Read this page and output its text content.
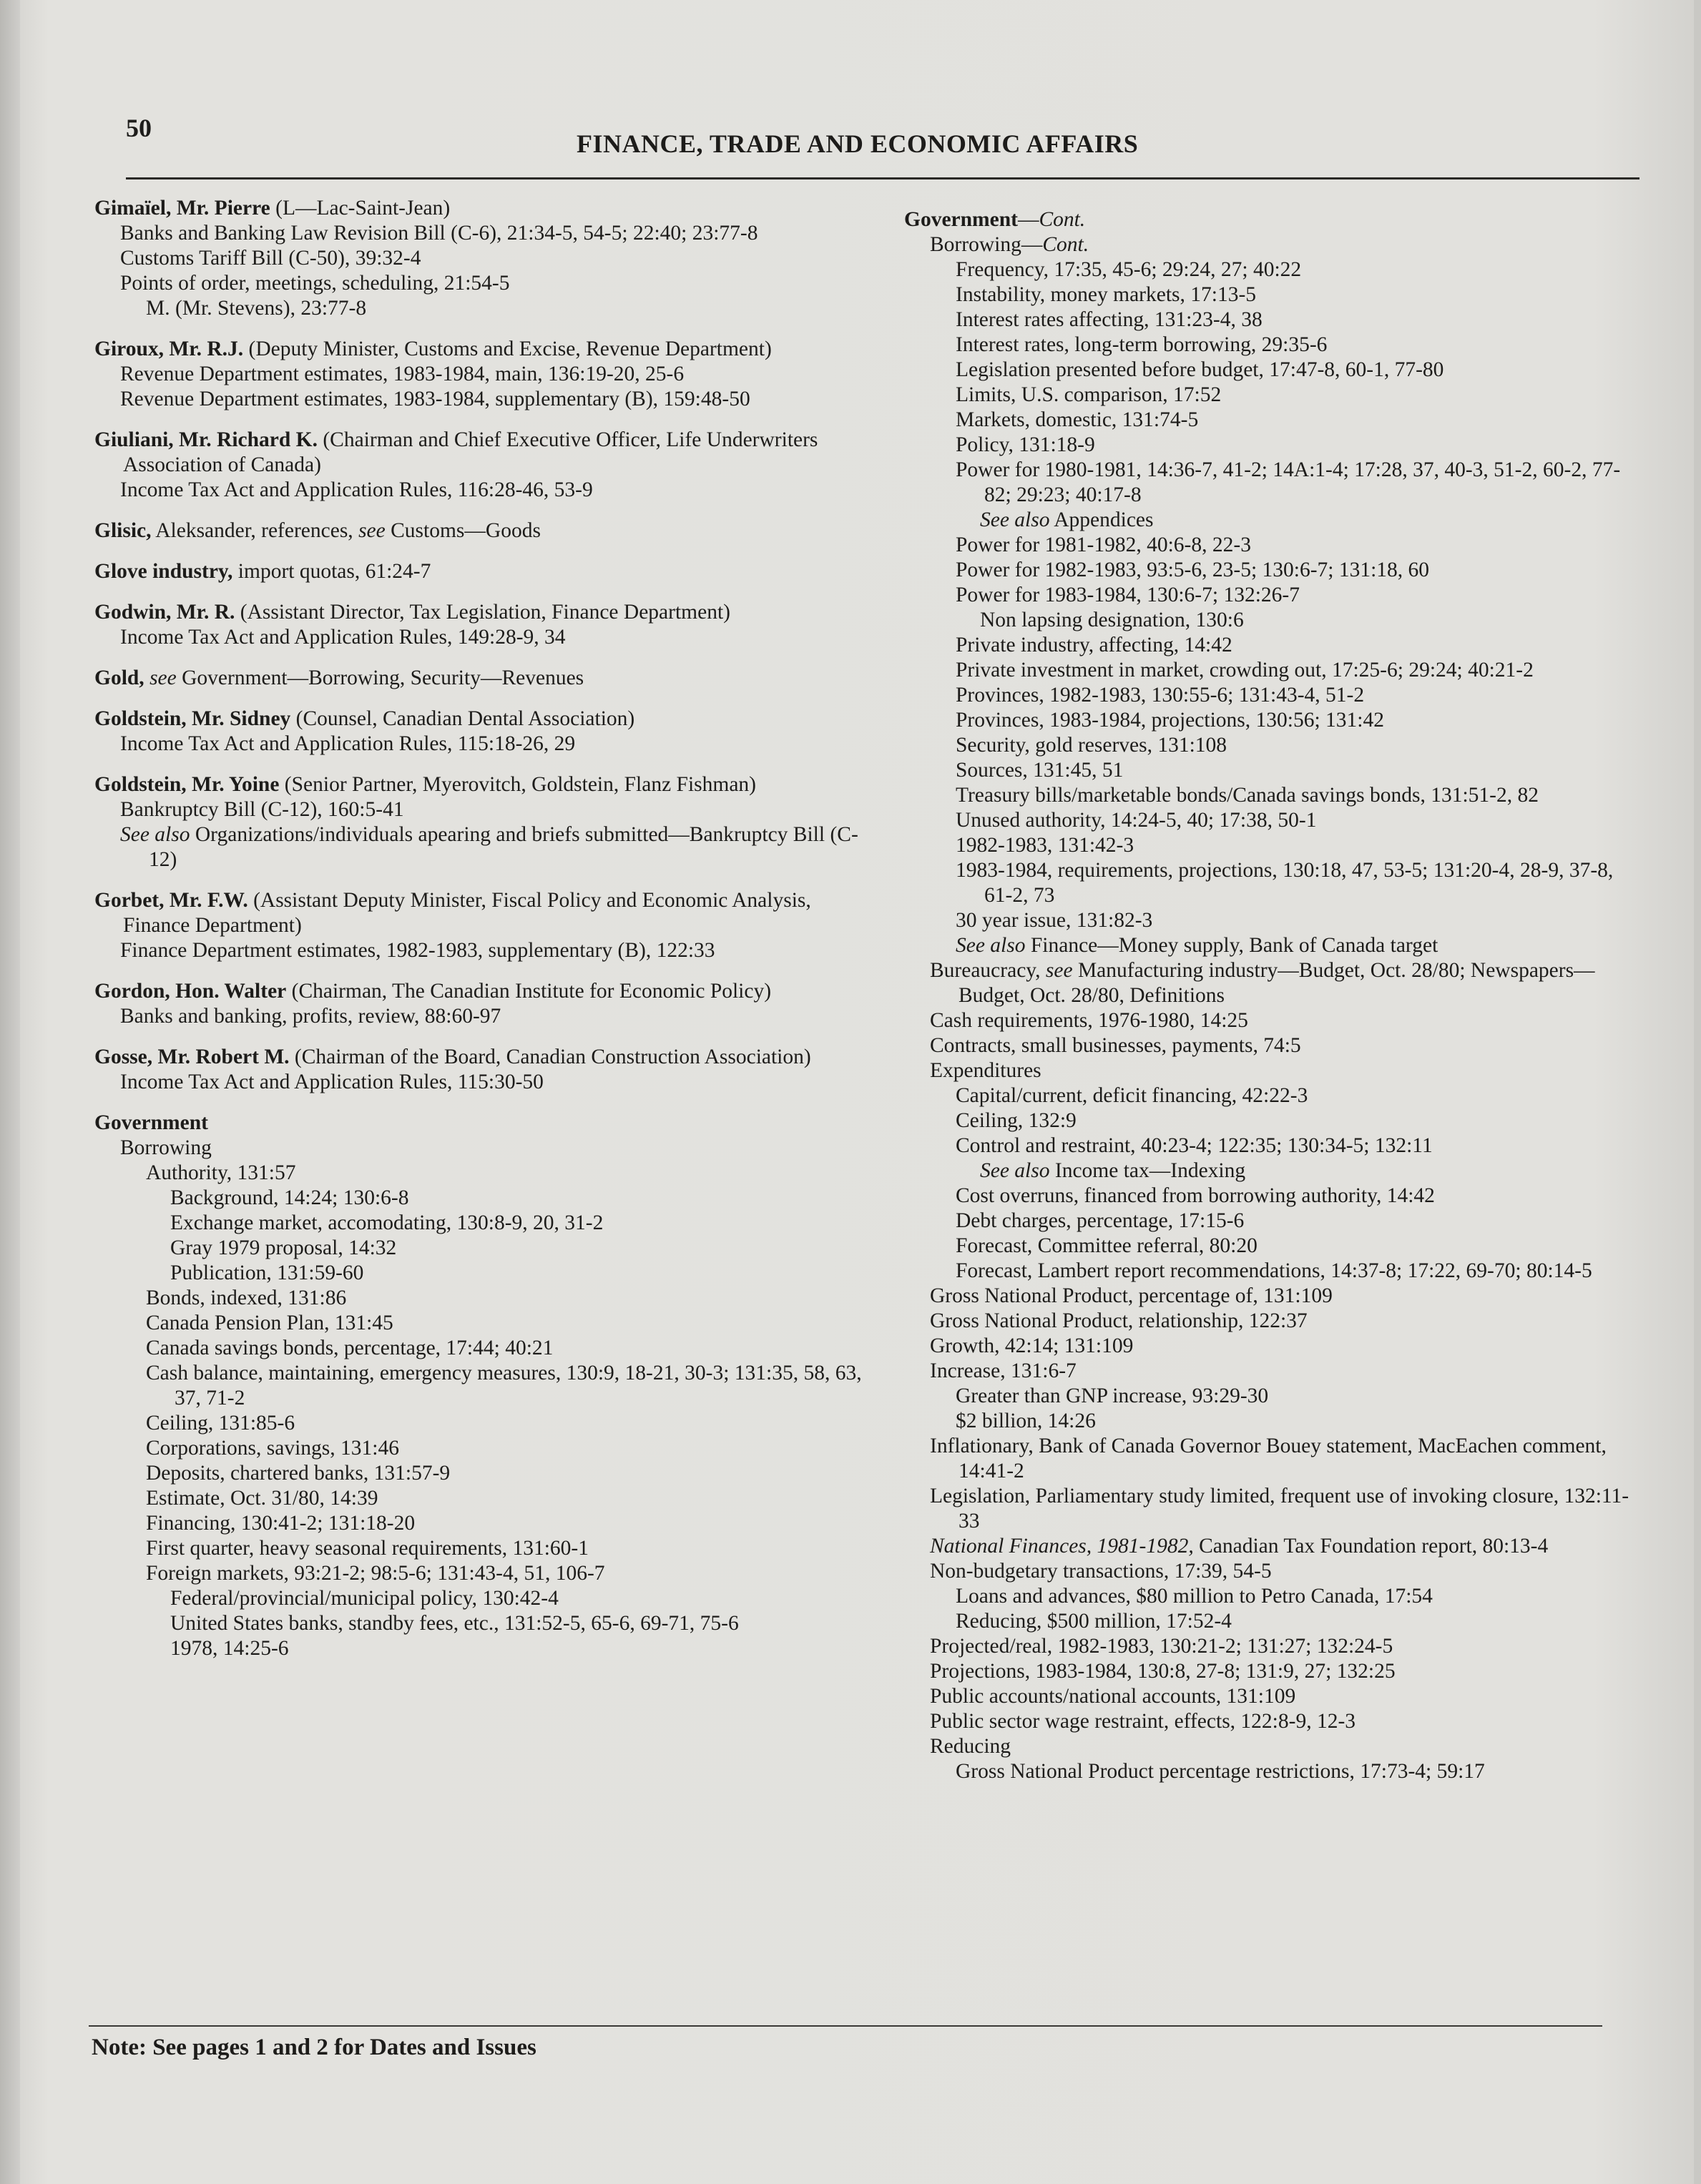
50
FINANCE, TRADE AND ECONOMIC AFFAIRS
Gimaïel, Mr. Pierre (L—Lac-Saint-Jean)
Banks and Banking Law Revision Bill (C-6), 21:34-5, 54-5; 22:40; 23:77-8
Customs Tariff Bill (C-50), 39:32-4
Points of order, meetings, scheduling, 21:54-5
M. (Mr. Stevens), 23:77-8
Giroux, Mr. R.J. (Deputy Minister, Customs and Excise, Revenue Department)
Revenue Department estimates, 1983-1984, main, 136:19-20, 25-6
Revenue Department estimates, 1983-1984, supplementary (B), 159:48-50
Giuliani, Mr. Richard K. (Chairman and Chief Executive Officer, Life Underwriters Association of Canada)
Income Tax Act and Application Rules, 116:28-46, 53-9
Glisic, Aleksander, references, see Customs—Goods
Glove industry, import quotas, 61:24-7
Godwin, Mr. R. (Assistant Director, Tax Legislation, Finance Department)
Income Tax Act and Application Rules, 149:28-9, 34
Gold, see Government—Borrowing, Security—Revenues
Goldstein, Mr. Sidney (Counsel, Canadian Dental Association)
Income Tax Act and Application Rules, 115:18-26, 29
Goldstein, Mr. Yoine (Senior Partner, Myerovitch, Goldstein, Flanz Fishman)
Bankruptcy Bill (C-12), 160:5-41
See also Organizations/individuals apearing and briefs submitted—Bankruptcy Bill (C-12)
Gorbet, Mr. F.W. (Assistant Deputy Minister, Fiscal Policy and Economic Analysis, Finance Department)
Finance Department estimates, 1982-1983, supplementary (B), 122:33
Gordon, Hon. Walter (Chairman, The Canadian Institute for Economic Policy)
Banks and banking, profits, review, 88:60-97
Gosse, Mr. Robert M. (Chairman of the Board, Canadian Construction Association)
Income Tax Act and Application Rules, 115:30-50
Government
Borrowing
Authority, 131:57
Background, 14:24; 130:6-8
Exchange market, accomodating, 130:8-9, 20, 31-2
Gray 1979 proposal, 14:32
Publication, 131:59-60
Bonds, indexed, 131:86
Canada Pension Plan, 131:45
Canada savings bonds, percentage, 17:44; 40:21
Cash balance, maintaining, emergency measures, 130:9, 18-21, 30-3; 131:35, 58, 63, 37, 71-2
Ceiling, 131:85-6
Corporations, savings, 131:46
Deposits, chartered banks, 131:57-9
Estimate, Oct. 31/80, 14:39
Financing, 130:41-2; 131:18-20
First quarter, heavy seasonal requirements, 131:60-1
Foreign markets, 93:21-2; 98:5-6; 131:43-4, 51, 106-7
Federal/provincial/municipal policy, 130:42-4
United States banks, standby fees, etc., 131:52-5, 65-6, 69-71, 75-6
1978, 14:25-6
Government—Cont.
Borrowing—Cont.
Frequency, 17:35, 45-6; 29:24, 27; 40:22
Instability, money markets, 17:13-5
Interest rates affecting, 131:23-4, 38
Interest rates, long-term borrowing, 29:35-6
Legislation presented before budget, 17:47-8, 60-1, 77-80
Limits, U.S. comparison, 17:52
Markets, domestic, 131:74-5
Policy, 131:18-9
Power for 1980-1981, 14:36-7, 41-2; 14A:1-4; 17:28, 37, 40-3, 51-2, 60-2, 77-82; 29:23; 40:17-8
See also Appendices
Power for 1981-1982, 40:6-8, 22-3
Power for 1982-1983, 93:5-6, 23-5; 130:6-7; 131:18, 60
Power for 1983-1984, 130:6-7; 132:26-7
Non lapsing designation, 130:6
Private industry, affecting, 14:42
Private investment in market, crowding out, 17:25-6; 29:24; 40:21-2
Provinces, 1982-1983, 130:55-6; 131:43-4, 51-2
Provinces, 1983-1984, projections, 130:56; 131:42
Security, gold reserves, 131:108
Sources, 131:45, 51
Treasury bills/marketable bonds/Canada savings bonds, 131:51-2, 82
Unused authority, 14:24-5, 40; 17:38, 50-1
1982-1983, 131:42-3
1983-1984, requirements, projections, 130:18, 47, 53-5; 131:20-4, 28-9, 37-8, 61-2, 73
30 year issue, 131:82-3
See also Finance—Money supply, Bank of Canada target
Bureaucracy, see Manufacturing industry—Budget, Oct. 28/80; Newspapers—Budget, Oct. 28/80, Definitions
Cash requirements, 1976-1980, 14:25
Contracts, small businesses, payments, 74:5
Expenditures
Capital/current, deficit financing, 42:22-3
Ceiling, 132:9
Control and restraint, 40:23-4; 122:35; 130:34-5; 132:11
See also Income tax—Indexing
Cost overruns, financed from borrowing authority, 14:42
Debt charges, percentage, 17:15-6
Forecast, Committee referral, 80:20
Forecast, Lambert report recommendations, 14:37-8; 17:22, 69-70; 80:14-5
Gross National Product, percentage of, 131:109
Gross National Product, relationship, 122:37
Growth, 42:14; 131:109
Increase, 131:6-7
Greater than GNP increase, 93:29-30
$2 billion, 14:26
Inflationary, Bank of Canada Governor Bouey statement, MacEachen comment, 14:41-2
Legislation, Parliamentary study limited, frequent use of invoking closure, 132:11-33
National Finances, 1981-1982, Canadian Tax Foundation report, 80:13-4
Non-budgetary transactions, 17:39, 54-5
Loans and advances, $80 million to Petro Canada, 17:54
Reducing, $500 million, 17:52-4
Projected/real, 1982-1983, 130:21-2; 131:27; 132:24-5
Projections, 1983-1984, 130:8, 27-8; 131:9, 27; 132:25
Public accounts/national accounts, 131:109
Public sector wage restraint, effects, 122:8-9, 12-3
Reducing
Gross National Product percentage restrictions, 17:73-4; 59:17
Note: See pages 1 and 2 for Dates and Issues
